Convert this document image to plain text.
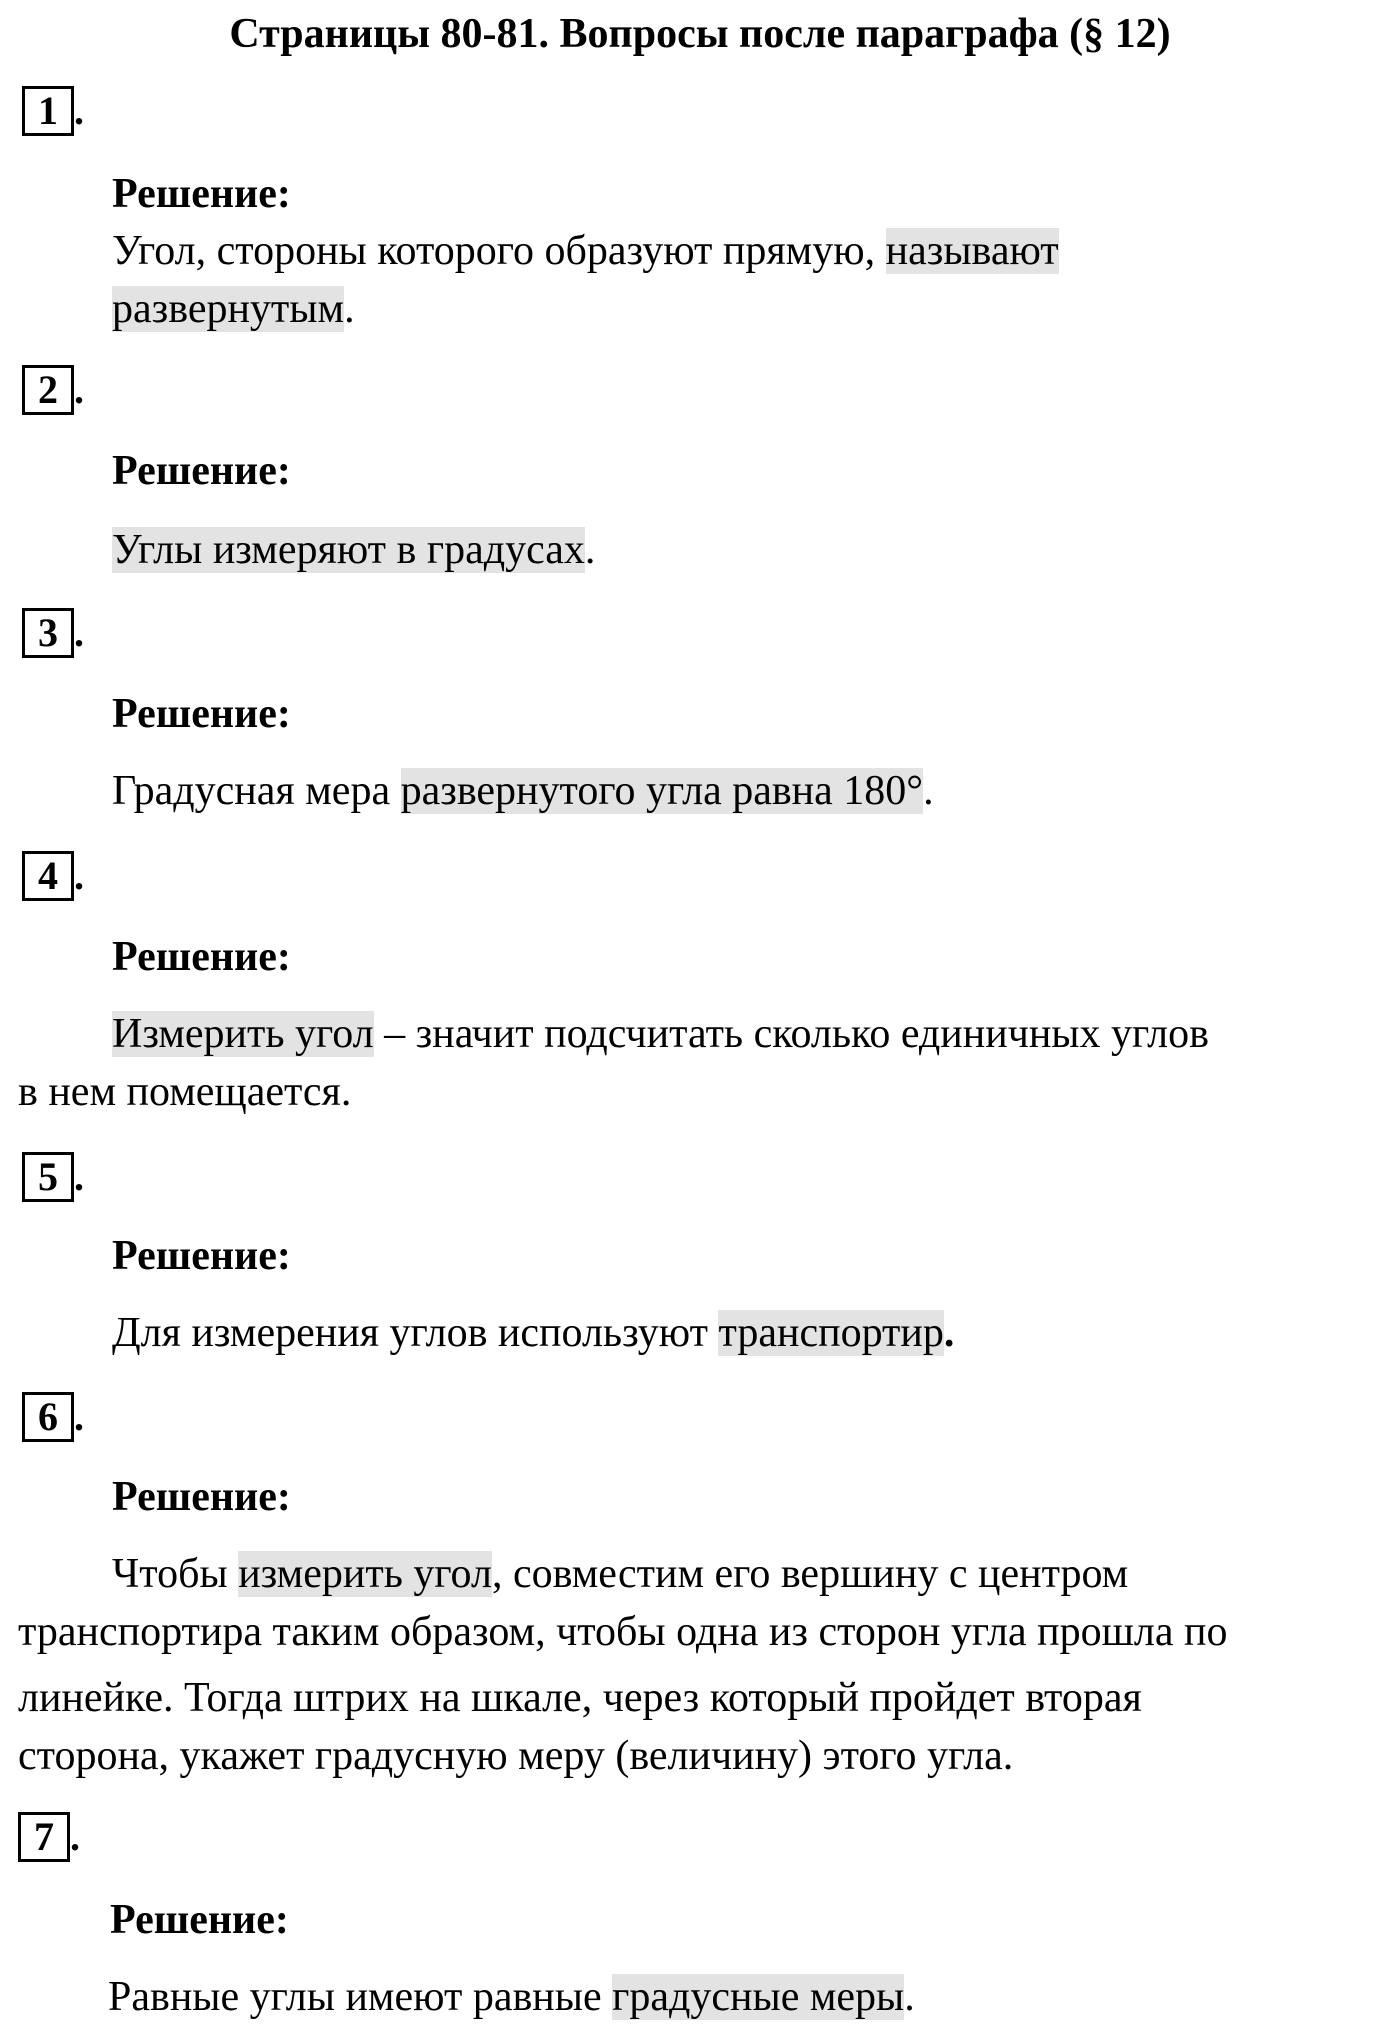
Страницы 80-81. Вопросы после параграфа (§ 12)
1 .
Решение:
Угол, стороны которого образуют прямую, называют
развернутым.
2 .
Решение:
Углы измеряют в градусах.
3 .
Решение:
Градусная мера развернутого угла равна 180°.
4 .
Решение:
Измерить угол – значит подсчитать сколько единичных углов
в нем помещается.
5 .
Решение:
Для измерения углов используют транспортир.
6 .
Решение:
Чтобы измерить угол, совместим его вершину с центром
транспортира таким образом, чтобы одна из сторон угла прошла по
линейке. Тогда штрих на шкале, через который пройдет вторая
сторона, укажет градусную меру (величину) этого угла.
7 .
Решение:
Равные углы имеют равные градусные меры.
